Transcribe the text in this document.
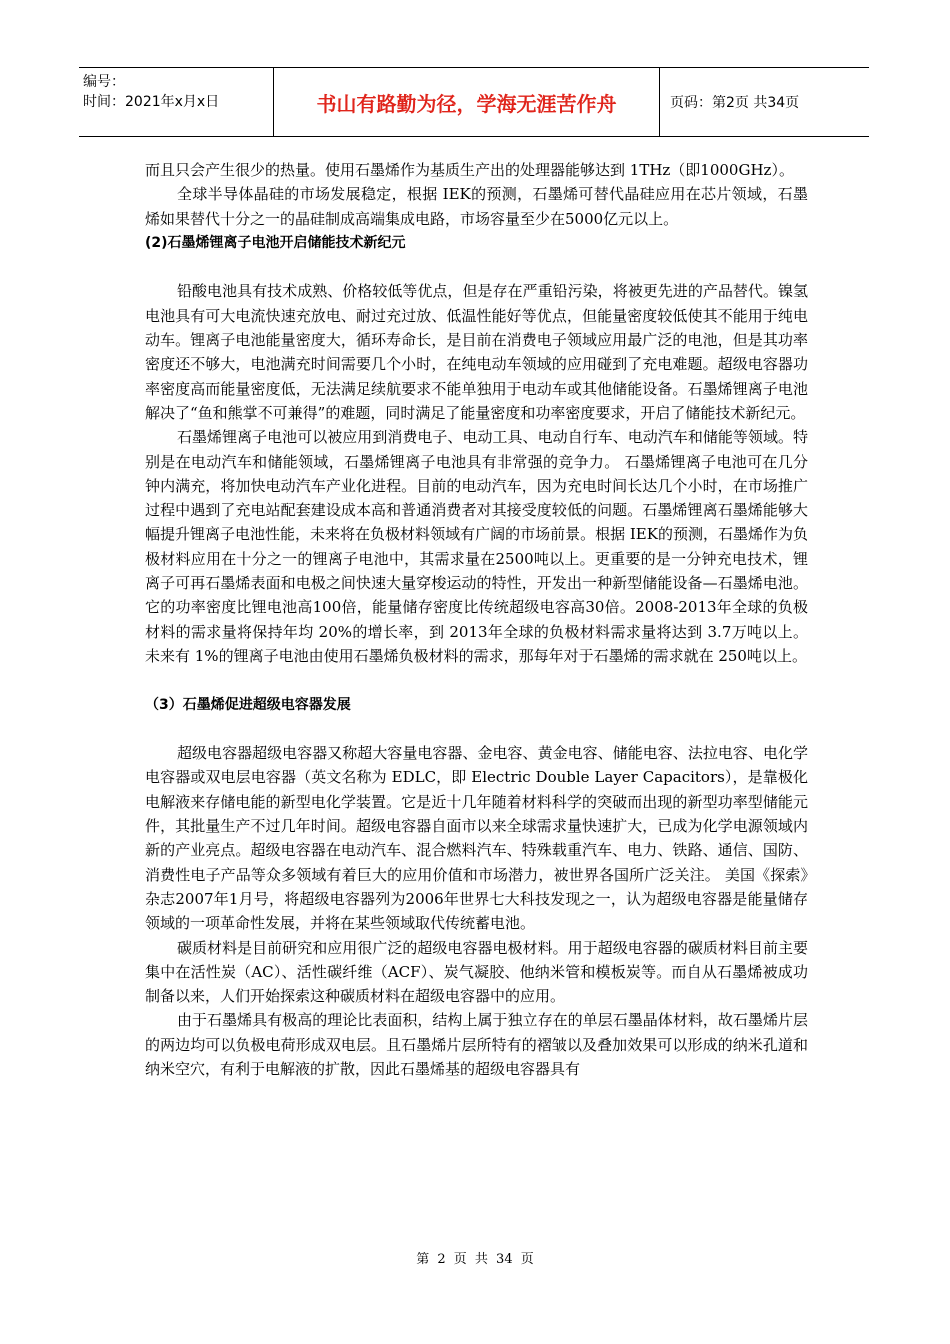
编号：
时间：2021年x月x日	书山有路勤为径，学海无涯苦作舟	页码：第2页 共34页

而且只会产生很少的热量。使用石墨烯作为基质生产出的处理器能够达到 1THz（即1000GHz）。

全球半导体晶硅的市场发展稳定，根据 IEK的预测，石墨烯可替代晶硅应用在芯片领域，石墨烯如果替代十分之一的晶硅制成高端集成电路，市场容量至少在5000亿元以上。

(2)石墨烯锂离子电池开启储能技术新纪元

铅酸电池具有技术成熟、价格较低等优点，但是存在严重铅污染，将被更先进的产品替代。镍氢电池具有可大电流快速充放电、耐过充过放、低温性能好等优点，但能量密度较低使其不能用于纯电动车。锂离子电池能量密度大，循环寿命长，是目前在消费电子领域应用最广泛的电池，但是其功率密度还不够大，电池满充时间需要几个小时，在纯电动车领域的应用碰到了充电难题。超级电容器功率密度高而能量密度低，无法满足续航要求不能单独用于电动车或其他储能设备。石墨烯锂离子电池解决了“鱼和熊掌不可兼得”的难题，同时满足了能量密度和功率密度要求，开启了储能技术新纪元。

石墨烯锂离子电池可以被应用到消费电子、电动工具、电动自行车、电动汽车和储能等领域。特别是在电动汽车和储能领域，石墨烯锂离子电池具有非常强的竞争力。 石墨烯锂离子电池可在几分钟内满充，将加快电动汽车产业化进程。目前的电动汽车，因为充电时间长达几个小时，在市场推广过程中遇到了充电站配套建设成本高和普通消费者对其接受度较低的问题。石墨烯锂离石墨烯能够大幅提升锂离子电池性能，未来将在负极材料领域有广阔的市场前景。根据 IEK的预测，石墨烯作为负极材料应用在十分之一的锂离子电池中，其需求量在2500吨以上。更重要的是一分钟充电技术，锂离子可再石墨烯表面和电极之间快速大量穿梭运动的特性，开发出一种新型储能设备—石墨烯电池。它的功率密度比锂电池高100倍，能量储存密度比传统超级电容高30倍。2008-2013年全球的负极材料的需求量将保持年均 20%的增长率，到 2013年全球的负极材料需求量将达到 3.7万吨以上。未来有 1%的锂离子电池由使用石墨烯负极材料的需求，那每年对于石墨烯的需求就在 250吨以上。

（3）石墨烯促进超级电容器发展

超级电容器超级电容器又称超大容量电容器、金电容、黄金电容、储能电容、法拉电容、电化学电容器或双电层电容器（英文名称为 EDLC，即 Electric Double Layer Capacitors），是靠极化电解液来存储电能的新型电化学装置。它是近十几年随着材料科学的突破而出现的新型功率型储能元件，其批量生产不过几年时间。超级电容器自面市以来全球需求量快速扩大，已成为化学电源领域内新的产业亮点。超级电容器在电动汽车、混合燃料汽车、特殊载重汽车、电力、铁路、通信、国防、消费性电子产品等众多领域有着巨大的应用价值和市场潜力，被世界各国所广泛关注。 美国《探索》杂志2007年1月号，将超级电容器列为2006年世界七大科技发现之一，认为超级电容器是能量储存领域的一项革命性发展，并将在某些领域取代传统蓄电池。

碳质材料是目前研究和应用很广泛的超级电容器电极材料。用于超级电容器的碳质材料目前主要集中在活性炭（AC）、活性碳纤维（ACF）、炭气凝胶、他纳米管和模板炭等。而自从石墨烯被成功制备以来，人们开始探索这种碳质材料在超级电容器中的应用。

由于石墨烯具有极高的理论比表面积，结构上属于独立存在的单层石墨晶体材料，故石墨烯片层的两边均可以负极电荷形成双电层。且石墨烯片层所特有的褶皱以及叠加效果可以形成的纳米孔道和纳米空穴，有利于电解液的扩散，因此石墨烯基的超级电容器具有

第 2 页 共 34 页
